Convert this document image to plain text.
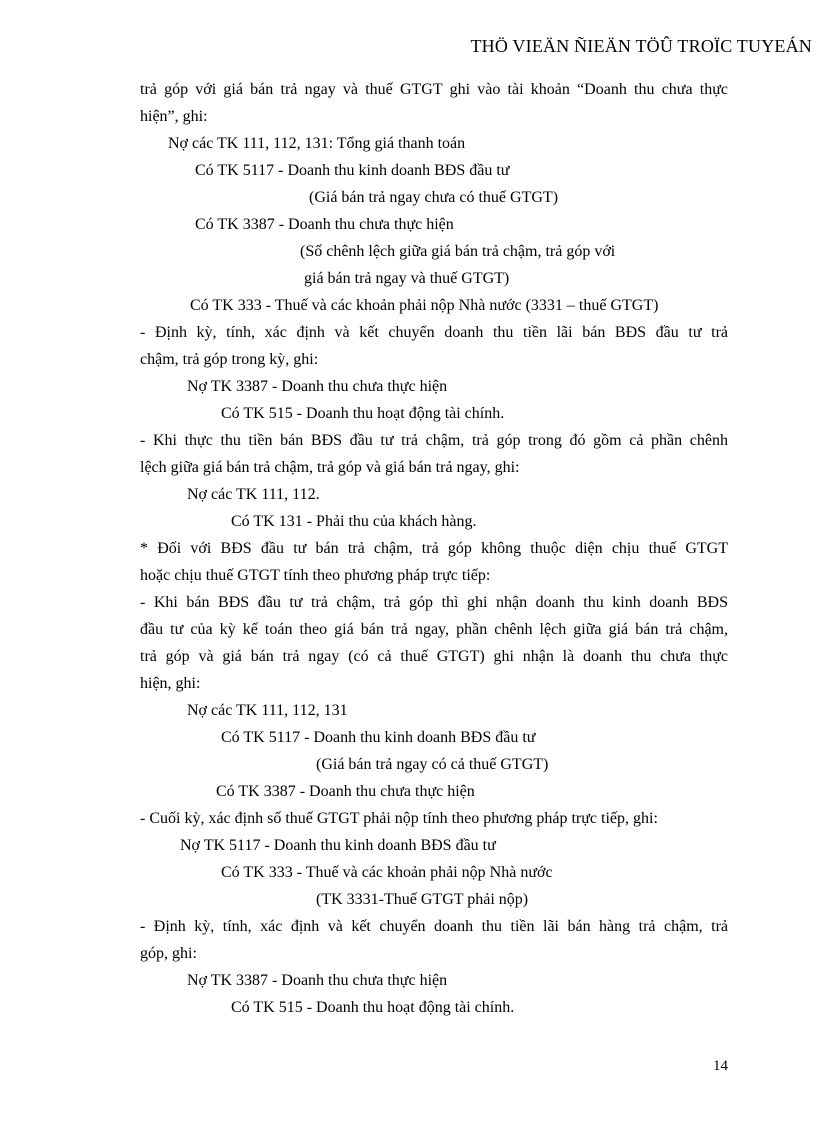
THÖ VIEÄN ÑIEÄN TÖÛ TROÏC TUYEÁN
trả góp với giá bán trả ngay và thuế GTGT ghi vào tài khoản “Doanh thu chưa thực
hiện”, ghi:
Nợ các TK 111, 112, 131: Tổng giá thanh toán
Có TK 5117 - Doanh thu kinh doanh BĐS đầu tư
(Giá bán trả ngay chưa có thuế GTGT)
Có TK 3387 - Doanh thu chưa thực hiện
(Số chênh lệch giữa giá bán trả chậm, trả góp với
giá bán trả ngay và thuế GTGT)
Có TK 333 - Thuế và các khoản phải nộp Nhà nước (3331 – thuế GTGT)
- Định kỳ, tính, xác định và kết chuyển doanh thu tiền lãi bán BĐS đầu tư trả
chậm, trả góp trong kỳ, ghi:
Nợ TK 3387 - Doanh thu chưa thực hiện
Có TK 515 - Doanh thu hoạt động tài chính.
- Khi thực thu tiền bán BĐS đầu tư trả chậm, trả góp trong đó gồm cả phần chênh
lệch giữa giá bán trả chậm, trả góp và giá bán trả ngay, ghi:
Nợ các TK 111, 112.
Có TK 131 - Phải thu của khách hàng.
* Đối với BĐS đầu tư bán trả chậm, trả góp không thuộc diện chịu thuế GTGT
hoặc chịu thuế GTGT tính theo phương pháp trực tiếp:
- Khi bán BĐS đầu tư trả chậm, trả góp thì ghi nhận doanh thu kinh doanh BĐS
đầu tư của kỳ kế toán theo giá bán trả ngay, phần chênh lệch giữa giá bán trả chậm,
trả góp và giá bán trả ngay (có cả thuế GTGT) ghi nhận là doanh thu chưa thực
hiện, ghi:
Nợ các TK 111, 112, 131
Có TK 5117 - Doanh thu kinh doanh BĐS đầu tư
(Giá bán trả ngay có cả thuế GTGT)
Có TK 3387 - Doanh thu chưa thực hiện
- Cuối kỳ, xác định số thuế GTGT phải nộp tính theo phương pháp trực tiếp, ghi:
Nợ TK 5117 - Doanh thu kinh doanh BĐS đầu tư
Có TK 333 - Thuế và các khoản phải nộp Nhà nước
(TK 3331-Thuế GTGT phải nộp)
- Định kỳ, tính, xác định và kết chuyển doanh thu tiền lãi bán hàng trả chậm, trả
góp, ghi:
Nợ TK 3387 - Doanh thu chưa thực hiện
Có TK 515 - Doanh thu hoạt động tài chính.
14
